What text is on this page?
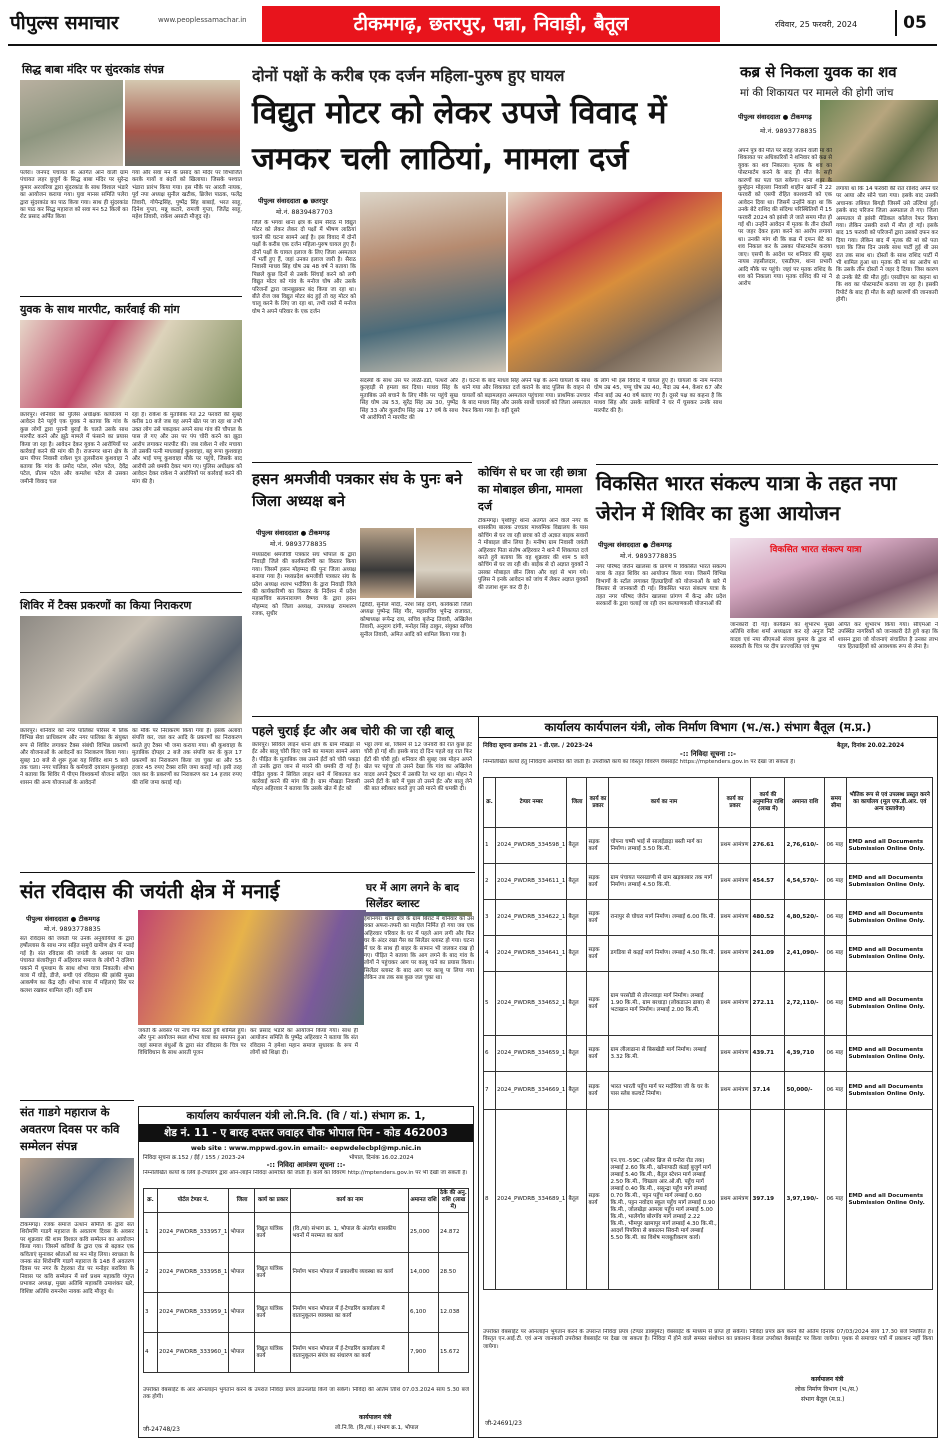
पीपुल्स समाचार	www.peoplessamachar.in	टीकमगढ़, छतरपुर, पन्ना, निवाड़ी, बैतूल	रविवार, 25 फरवरी, 2024	05
सिद्ध बाबा मंदिर पर सुंदरकांड संपन्न
पलेरा। जनपद पंचायत के अंतर्गत आने वाली ग्राम पंचायत लहर बुजुर्ग के सिद्ध बाबा मंदिर पर सुरेन्द्र कुमार अरजरिया द्वारा सुंदरकांड के साथ विशाल भंडारे का आयोजन कराया गया। युवा मानस समिति पलेरा द्वारा सुंदरकांड का पाठ किया गया। साथ ही सुंदरकांड का पाठ कर सिद्ध महाराज को सवा मन 52 किलो का रोट प्रसाद अर्पित किया
गया और सवा मन के प्रसाद को मंदिर पर विभाजित करके गायों व बंदरों को खिलाया। जिसके पश्चात भंडारा प्रारंभ किया गया। इस मौके पर आरती नायक, पूर्व नपा अध्यक्ष सुनील खटीक, ब्रिजेश पाठक, फलेंद्र तिवारी, गोपेन्द्रसिंह, पुष्पेंद्र सिंह बाबाई, भरत साहू, दिनेश गुप्ता, मन्नू कटारे, रामजी गुप्ता, जितेंद्र साहू, महेश तिवारी, राकेश असाटी मौजूद रहे।
युवक के साथ मारपीट, कार्रवाई की मांग
छतरपुर। शनिवार को पुलिस अधीक्षक कार्यालय में आवेदन देने पहुंचे एक युवक ने बताया कि गांव के कुछ लोगों द्वारा पुरानी बुराई के चलते उसके साथ मारपीट करने और झूठे मामले में फंसाने का प्रयास किया जा रहा है। आवेदन देकर युवक ने आरोपियों पर कार्रवाई करने की मांग की है। राजनगर थाना क्षेत्र के ग्राम पीपर निवासी राकेश पुत्र तुलसीराम कुशवाहा ने बताया कि गांव के प्रमोद पटेल, रमेश पटेल, देवेंद्र पटेल, प्रीतम पटेल और कमलेश पटेल से उसका जमीनी विवाद चल
रहा है। राकेश के मुताबिक गत 22 फरवरी की सुबह करीब 10 बजे जब वह अपने खेत पर जा रहा था तभी उक्त लोग उसे पकड़कर अपने साथ गांव की चौपाल के पास ले गए और उस पर पंप चोरी करने का झूठा आरोप लगाकर मारपीट की। जब राकेश ने शोर मचाया तो उसकी पत्नी माधवबाई कुशवाहा, बहू रूपा कुशवाहा और भाई पप्पू कुशवाहा मौके पर पहुंचे, जिसके बाद आरोपी उसे धमकी देकर भाग गए। पुलिस अधीक्षक को आवेदन देकर राकेश ने आरोपियों पर कार्रवाई करने की मांग की है।
शिविर में टैक्स प्रकरणों का किया निराकरण
छतरपुर। शनिवार को नगर पालिका परिसर में लिंक विभिन्न सेवा प्राधिकरण और नगर पालिका के संयुक्त रूप से शिविर लगाकर टैक्स संबंधी विभिन्न प्रकरणों और योजनाओं के आवेदनों का निराकरण किया गया। सुबह 10 बजे से शुरू हुआ यह शिविर शाम 5 बजे तक चला। नगर पालिका के कर्मचारी दयाराम कुशवाहा ने बताया कि शिविर में पीएम विश्वकर्मा योजना सहित शासन की अन्य योजनाओं के आवेदनों
का मौके पर निराकरण किया गया है। इसके अलावा संपत्ति कर, जल कर आदि के प्रकरणों का निराकरण करते हुए टैक्स भी जमा कराया गया। श्री कुशवाहा के मुताबिक दोपहर 2 बजे तक संपत्ति कर के कुल 17 प्रकरणों का निराकरण किया जा चुका था और 55 हजार 45 रुपए टैक्स राशि जमा कराई गई। इसी तरह जल कर के प्रकरणों का निराकरण कर 14 हजार रुपए की राशि जमा कराई गई।
संत रविदास की जयंती क्षेत्र में मनाई
पीपुल्स संवाददाता ● टीकमगढ़
मो.नं. 9893778835
संत रविदास की जयंती पर उनके अनुयायियों के द्वारा हर्षोल्लास के साथ नगर सहित समूचे ग्रामीण क्षेत्र में मनाई गई है। संत रविदास की जयंती के अवसर पर ग्राम पंचायत बंजारीपुरा में अहिरवार समाज के लोगों ने दलिया पकाने में धूमधाम के साथ शोभा यात्रा निकाली। शोभा यात्रा में घोड़े, डीजे, बग्घी एवं रविदास की झांकी मुख्य आकर्षण का केंद्र रही। शोभा यात्रा में महिलाएं सिर पर कलश रखकर शामिल रहीं। वहीं ग्राम
जयंती के अवसर पर नाच गान करते हुये शामिल हुये। और पुनः आयोजन स्थल शोभा यात्रा का समापन हुआ जहां समाज बंधुओं के द्वारा संत रविदास के चित्र पर विधिविधान के साथ आरती पूजन
कर प्रसाद भंडारे का आयोजन किया गया। साथ ही आयोजन समिति के पुष्पेंद्र अहिरवार ने बताया कि संत रविदास ने हमेशा महान समाज सुधारक के रूप में लोगों को शिक्षा दी।
संत गाडगे महाराज के अवतरण दिवस पर कवि सम्मेलन संपन्न
टीकमगढ़। रजक समाज उत्थान समिति के द्वारा संत शिरोमणि गाडगे महाराज के अवतरण दिवस के अवसर पर शुक्रवार की शाम विशाल कवि सम्मेलन का आयोजन किया गया। जिसमें कवियों के द्वारा एक से बढ़कर एक कविताएं सुनाकर श्रोताओं का मन मोह लिया। स्वच्छता के जनक संत शिरोमणि गाडगे महाराज के 148 वें अवतरण दिवस पर नगर के टेहरका रोड पर मनोहर बरारिया के निवास पर कवि सम्मेलन में सर्व प्रथम महाकवि पंगुप्त प्रभाकर अध्यक्ष, मुख्य अतिथि महाकवि उमाशंकर खरे, विशिष्ट अतिथि रामनरेश नायक आदि मौजूद थे।
कार्यालय कार्यपालन यंत्री लो.नि.वि. (वि / यां.) संभाग क्र. 1,
शेड नं. 11 - ए बारह दफ्तर जवाहर चौक भोपाल पिन - कोड 462003
web site : www.mppwd.gov.in email:- eepwdelecbpl@mp.nic.in
निविदा सूचना क्र.152 / ईई / 155 / 2023-24	भोपाल, दिनांक 16.02.2024
-:: निविदा आमंत्रण सूचना ::-
निम्नलिखित कार्यों के लिये ई-टेण्डरिंग द्वारा ऑन-लाईन निविदा आमंत्रित की जाती है। कार्य का विवरण http://mptenders.gov.in पर भी देखी जा सकती है।
क्र.	पोर्टल टेण्डर नं.	जिला	कार्य का प्रकार	कार्य का नाम	अमानत राशि	ठेके की अनु. राशि (लाख में)
1	2024_PWDRB_333957_1	भोपाल	विद्युत यांत्रिक कार्य	(वि./यां) संभाग क्र. 1, भोपाल के अंतर्गत शासकीय भवनों में मरम्मत का कार्य	25,000	24.872
2	2024_PWDRB_333958_1	भोपाल	विद्युत यांत्रिक कार्य	निर्माण भवन भोपाल में प्रकाशीय व्यवस्था का कार्य	14,000	28.50
3	2024_PWDRB_333959_1	भोपाल	विद्युत यांत्रिक कार्य	निर्माण भवन भोपाल में ई-टेण्डरिंग कार्यालय में वातानुकूलन व्यवस्था का कार्य	6,100	12.038
4	2024_PWDRB_333960_1	भोपाल	विद्युत यांत्रिक कार्य	निर्माण भवन भोपाल में ई-टेण्डरिंग कार्यालय में वातानुकूलन संयंत्र का संधारण का कार्य	7,900	15.672
उपरोक्त वेबसाईट के आर ऑनलाइन भुगतान करने के उपरांत निविदा प्रपत्र डाउनलोड किये जा सकेंगे। निविदा की अंतिम तिथि 07.03.2024 सायं 5.30 बजे तक होगी।
कार्यपालन यंत्री
लो.नि.वि. (वि./यां.) संभाग क्र.1, भोपाल
जी-24748/23
दोनों पक्षों के करीब एक दर्जन महिला-पुरुष हुए घायल
विद्युत मोटर को लेकर उपजे विवाद में जमकर चली लाठियां, मामला दर्ज
पीपुल्स संवाददाता ● छतरपुर
मो.नं. 8839487703
जिले के भगवां थाना क्षेत्र के ग्राम सैराठ में विद्युत मोटर को लेकर लेकर दो पक्षों में भीषण लाठियां चलने की घटना सामने आई है। इस विवाद में दोनों पक्षों के करीब एक दर्जन महिला-पुरुष घायल हुए हैं। दोनों पक्षों के घायल इलाज के लिए जिला अस्पताल में भर्ती हुए हैं, जहां उनका इलाज जारी है। सैराठ निवासी माधव सिंह घोष उम्र 48 वर्ष ने बताया कि पिछले कुछ दिनों से उसके सिंचाई करने को लगी विद्युत मोटर को गांव के मनोज घोष और उसके परिजनों द्वारा जानबूझकर बंद किया जा रहा था। बीते रोज जब विद्युत मोटर बंद हुई तो वह मोटर को चालू करने के लिए जा रहा था, तभी रास्ते में मनोज घोष ने अपने परिवार के एक दर्जन
सदस्यों के साथ उस पर लाठी-डंडों, पत्थरों और कुल्हाड़ी से हमला कर दिया। माधव सिंह के मुताबिक उसे बचाने के लिए मौके पर पहुंचे सुख सिंह घोष उम्र 53, सुरेंद्र सिंह उम्र 30, पुष्पेंद्र सिंह 33 और कुलदीप सिंह उम्र 17 वर्ष के साथ भी आरोपियों ने मारपीट की
है। घटना के बाद माधव सिंह अपने पक्ष के अन्य घायलों के साथ थाने गया और शिकायत दर्ज कराने के बाद पुलिस के वाहन से घायलों को बड़ामलहरा अस्पताल पहुंचाया गया। प्राथमिक उपचार के बाद माधव सिंह और उसके साथी घायलों को जिला अस्पताल रेफर किया गया है। वहीं दूसरे
के लोग भी इस विवाद में घायल हुए हैं। घायलों के नाम मनोज घोष उम्र 45, पप्पू घोष उम्र 40, मैदा उम्र 44, केशर 67 और मीना बाई उम्र 40 वर्ष बताए गए हैं। दूसरे पक्ष का कहना है कि माधव सिंह और उसके साथियों ने घर में घुसकर उनके साथ मारपीट की है।
हसन श्रमजीवी पत्रकार संघ के पुनः बने जिला अध्यक्ष बने
पीपुल्स संवाददाता ● टीकमगढ़
मो.नं. 9893778835
मध्यप्रदेश श्रमजीवी पत्रकार संघ भोपाल के द्वारा निवाड़ी जिले की कार्यकारिणी का विस्तार किया गया। जिसमें हसन मोहम्मद की पुनः जिला अध्यक्ष बनाया गया है। मध्यप्रदेश श्रमजीवी पत्रकार संघ के प्रदेश अध्यक्ष शलभ भदौरिया के द्वारा निवाड़ी जिले की कार्यकारिणी का विस्तार के निर्देशन में प्रदेश महासचिव सत्यनारायण वैष्णव के द्वारा हसन मोहम्मद को जिला अध्यक्ष, उपाध्यक्ष रामशरण रजक, सुधीर
द्विवेदी, सुनील मोदी, नरेश सिंह दांगी, कार्यकारी जिला अध्यक्ष पुष्पेन्द्र सिंह गौर, महासचिव भूपेन्द्र राजावत, कोषाध्यक्ष रूपेन्द्र राय, सचिव बृजेन्द्र तिवारी, अखिलेश तिवारी, अनुराग दांगी, मनोहर सिंह ठाकुर, संयुक्त सचिव सुनील तिवारी, अमित आदि को शामिल किया गया है।
कोचिंग से घर जा रही छात्रा का मोबाइल छीना, मामला दर्ज
टीकमगढ़। पृथ्वीपुर थाना अंतर्गत आने वाले नगर के शासकीय बालक उच्चतर माध्यमिक विद्यालय के पास कोचिंग से घर जा रही छात्रा को दो अज्ञात बाइक सवारों ने मोबाइल छीन लिया है। मनीषा ग्राम निवासी जयंती अहिरवार पिता संतोष अहिरवार ने थाने में शिकायत दर्ज करते हुये बताया कि वह शुक्रवार की शाम 5 बजे कोचिंग से घर जा रही थी। बाईक से दो अज्ञात युवकों ने उसका मोबाइल छीन लिया और वहां से भाग गये। पुलिस ने इनके आवेदन को जांच में लेकर अज्ञात युवकों की तलाश शुरू कर दी है।
पहले चुराई ईंट और अब चोरी की जा रही बालू
छतरपुर। सिविल लाइन थाना क्षेत्र के ग्राम मौखड़ा से ईंट और बालू चोरी किए जाने का मामला सामने आया है। पीड़ित के मुताबिक जब उसने ईंटों को चोरी पकड़ा तो उनके द्वारा जान से मारने की धमकी दी गई है। पीड़ित युवक ने सिविल लाइन थाने में शिकायत कर कार्रवाई करने की मांग की है। ग्राम मौखड़ा निवासी मोहन अहिरवार ने बताया कि उसके खेत में ईंट को
भट्टा लगा था, जिसमें से 12 जनवरी की रात कुछ ईंट चोरी हो गई थीं। इसके बाद दो दिन पहले वह रात फिर ईंटों की चोरी हुई। शनिवार की सुबह जब मोहन अपने खेत पर पहुंचा तो उसने देखा कि गांव का अखिलेश यादव अपने ट्रैक्टर में उसकी रेत भर रहा था। मोहन ने उसने ईंटों के बारे में पूछा तो उसने ईंट और बालू लेने की बात स्वीकार करते हुए उसे मारने की धमकी दी।
घर में आग लगने के बाद सिलेंडर ब्लास्ट
ईशानगर। थाना क्षेत्र के ग्राम बिराट में शनिवार को उस वक्त अफरा-तफरी का माहौल निर्मित हो गया जब एक अहिरवार परिवार के घर में पहले आग लगी और फिर घर के अंदर रखा गैस का सिलेंडर ब्लास्ट हो गया। घटना में घर के साथ ही बाहर के सामान भी जलकर राख हो गए। पीड़ित ने बताया कि आग लगने के बाद गांव के लोगों ने पहुंचकर आग पर काबू पाने का प्रयास किया। सिलेंडर ब्लास्ट के बाद आग पर काबू पा लिया गया लेकिन तब तक सब कुछ जल चुका था।
कब्र से निकला युवक का शव
मां की शिकायत पर मामले की होगी जांच
पीपुल्स संवाददाता ● टीकमगढ़
मो.नं. 9893778835
अपने पुत्र की मौत पर संदेह जताने वाली मां की शिकायत पर अधिकारियों ने शनिवार को कब्र से युवक का शव निकाला। मृतक के शव का पोस्टमार्टम करने के बाद ही मौत के सही कारणों का पता चल सकेगा। थाना शहर के कुम्हेड़न मोहल्ला निवासी शाहीन खानों ने 22 फरवरी को एसपी रोहित काशवानी को एक आवेदन दिया था। जिसमें उन्होंने कहा था कि उनके बेटे राशिद की संदिग्ध परिस्थितियों में 15 फरवरी 2024 को झांसी ले जाते समय मौत हो गई थी। उन्होंने आवेदन में मृतक के तीन दोस्तों पर जहर देकर हत्या करने का आरोप लगाया था। उनकी मांग थी कि कब्र में दफन बेटे का शव निकाल कर के उसका पोस्टमार्टम कराया जाए। एसपी के आदेश पर शनिवार की सुबह नायब तहसीलदार, एसडीएम, थाना प्रभारी आदि मौके पर पहुंचे। जहां पर मृतक राशिद के शव को निकाला गया। मृतक राशिद की मां ने आरोप
लगाया था कि 14 फरवरी की रात राशिद अपने घर पर आया और सोने चला गया। इसके बाद उसकी अचानक तबियत बिगड़ी जिसमें उसे उल्टियां हुईं। इसके बाद परिजन जिला अस्पताल ले गए। जिला अस्पताल से झांसी मेडिकल कॉलेज रेफर किया गया। लेकिन उसकी रास्ते में मौत हो गई। इसके बाद 15 फरवरी को परिजनों द्वारा उसको दफन कर दिया गया। लेकिन बाद में मृतक की मां को पता चला कि जिस दिन उसके साथ पार्टी हुई थी उस रात तक साथ था। दोस्तों के साथ राशिद पार्टी में भी शामिल हुआ था। मृतक की मां का आरोप था कि उसके तीन दोस्तों ने जहर दे दिया। जिस कारण से उनके बेटे की मौत हुई। एसडीएम का कहना था कि शव का पोस्टमार्टम कराया जा रहा है। इसकी रिपोर्ट के बाद ही मौत के सही कारणों की जानकारी होगी।
विकसित भारत संकल्प यात्रा के तहत नपा जेरोन में शिविर का हुआ आयोजन
पीपुल्स संवाददाता ● टीकमगढ़
मो.नं. 9893778835
विकसित भारत संकल्प यात्रा
नगर परिषद जेरोन खालसा के प्रांगण में विकसित भारत संकल्प यात्रा के तहत शिविर का आयोजन किया गया। जिसमें विभिन्न विभागों के स्टॉल लगाकर हितग्राहियों को योजनाओं के बारे में विस्तार से जानकारी दी गई। विकसित भारत संकल्प यात्रा के तहत नगर परिषद जेरोन खालसा प्रांगण में केन्द्र और प्रदेश सरकारों के द्वारा चलाई जा रही जन कल्याणकारी योजनाओं की
जानकारी दी गई। कार्यक्रम का शुभारंभ मुख्य अतिथि राकेश शर्मा अध्यक्षता कर रहे अनुज निटें यादव एवं नपा सीएमओ संजय कुमार के द्वारा माँ सरस्वती के चित्र पर दीप प्रज्ज्वलित एवं पुष्प
अर्पित कर शुभारंभ किया गया। सीएमओ ने उपस्थित नागरिकों को जानकारी देते हुये कहा कि शासन द्वारा जो योजनाएं संचालित है उनका लाभ पात्र हितग्राहियों को आवश्यक रूप से लेना है।
कार्यालय कार्यपालन यंत्री, लोक निर्माण विभाग (भ./स.) संभाग बैतूल (म.प्र.)
निविदा सूचना क्रमांक 21 - डी.एल. / 2023-24	बैतूल, दिनांक 20.02.2024
-:: निविदा सूचना ::-
निम्नलिखित कार्यों हेतु निविदायें आमंत्रित की जाती है। उपरोक्ति कार्य का विस्तृत विवरण वेबसाईट https://mptenders.gov.in पर देखा जा सकता है।
क्र.	टेण्डर नम्बर	जिला	कार्य का प्रकार	कार्य का नाम	कार्य का प्रकार	कार्य की अनुमानित राशि (लाख में)	अमानत राशि	समय सीमा	भौतिक रूप से एवं उपलब्ध प्रस्तुत करने का कार्यालय (मूल एफ.डी.आर. एवं अन्य दस्तावेज)
1	2024_PWDRB_334598_1	बैतूल	सड़क कार्य	चोपना चष्पी भाई से सालईडाढ़ा बस्ती मार्ग का निर्माण। लम्बाई 3.50 कि.मी.	प्रथम आमंत्रण	276.61	2,76,610/-	06 माह	EMD and all Documents Submission Online Only.
2	2024_PWDRB_334611_1	बैतूल	सड़क कार्य	ग्राम पंचायत परसडाणी से ग्राम खड़काबार तक मार्ग निर्माण। लम्बाई 4.50 कि.मी.	प्रथम आमंत्रण	454.57	4,54,570/-	06 माह	EMD and all Documents Submission Online Only.
3	2024_PWDRB_334622_1	बैतूल	सड़क कार्य	रानापुर से घोघरा मार्ग निर्माण। लम्बाई 6.00 कि.मी.	प्रथम आमंत्रण	480.52	4,80,520/-	06 माह	EMD and all Documents Submission Online Only.
4	2024_PWDRB_334641_1	बैतूल	सड़क कार्य	डगडिया से कढ़ई मार्ग निर्माण। लम्बाई 4.50 कि.मी.	प्रथम आमंत्रण	241.09	2,41,090/-	06 माह	EMD and all Documents Submission Online Only.
5	2024_PWDRB_334652_1	बैतूल	सड़क कार्य	ग्राम परसोडी से तोरनवाड़ा मार्ग निर्माण। लम्बाई 1.90 कि.मी., ग्राम बरधाड़ा (लोकडाउन ढाबा) से भटाखान मार्ग निर्माण। लम्बाई 2.00 कि.मी.	प्रथम आमंत्रण	272.11	2,72,110/-	06 माह	EMD and all Documents Submission Online Only.
6	2024_PWDRB_334659_1	बैतूल	सड़क कार्य	ग्राम लीलाढाना से बिसखेडी मार्ग निर्माण। लम्बाई 3.32 कि.मी.	प्रथम आमंत्रण	439.71	4,39,710	06 माह	EMD and all Documents Submission Online Only.
7	2024_PWDRB_334669_1	बैतूल	सड़क कार्य	भारत भारती पहुँच मार्ग पर मदोरिया जी के घर के पास स्लेब कल्वर्ट निर्माण।	प्रथम आमंत्रण	37.14	50,000/-	06 माह	EMD and all Documents Submission Online Only.
8	2024_PWDRB_334689_1	बैतूल	सड़क कार्य	एन.एच.-59C (ओवर ब्रिज से घनोरा रोड तक) लम्बाई 2.60 कि.मी., खोनापाठी कंडई बुजुर्ग मार्ग लम्बाई 5.40 कि.मी., बैतूल स्टेशन मार्ग लम्बाई 2.50 कि.मी., चिखला आर.ओ.बी. पहुँच मार्ग लम्बाई 0.40 कि.मी., ससुन्द्रा पहुँच मार्ग लम्बाई 0.70 कि.मी., पट्टन पहुँच मार्ग लम्बाई 0.60 कि.मी., पट्टन नवोदय स्कूल पहुँच मार्ग लम्बाई 0.90 कि.मी., जोलखेड़ा आमला पहुँच मार्ग लम्बाई 5.00 कि.मी., भालेगाँव बोरगाँव मार्ग लम्बाई 2.22 कि.मी., भीमपुर खामापुर मार्ग लम्बाई 4.30 कि.मी., आदर्श पिपरिया से बकालन सिवनी मार्ग लम्बाई 5.50 कि.मी. का विशेष मजबूतीकरण कार्य।	प्रथम आमंत्रण	397.19	3,97,190/-	06 माह	EMD and all Documents Submission Online Only.
उपरोक्त वेबसाईट पर ऑनलाईन भुगतान करने के उपरान्त निविदा प्रपत्र (टेण्डर डाक्यूमेंट) वेबसाईट के माध्यम से प्राप्त हो सकेगा। निविदा प्रपत्र क्रय करने की अंतिम दिनांक 07/03/2024 सायं 17.30 बजे निर्धारित है। विस्तृत एन.आई.टी. एवं अन्य जानकारी उपरोक्त वेबसाईट पर देखा जा सकता है। निविदा में होने वाले समस्त संशोधन का प्रकाशन केवल उपरोक्त वेबसाईट पर किया जायेगा। पृथक से समाचार पत्रों में प्रकाशन नहीं किया जायेगा।
कार्यपालन यंत्री
लोक निर्माण विभाग (भ./स.)
संभाग बैतूल (म.प्र.)
जी-24691/23
